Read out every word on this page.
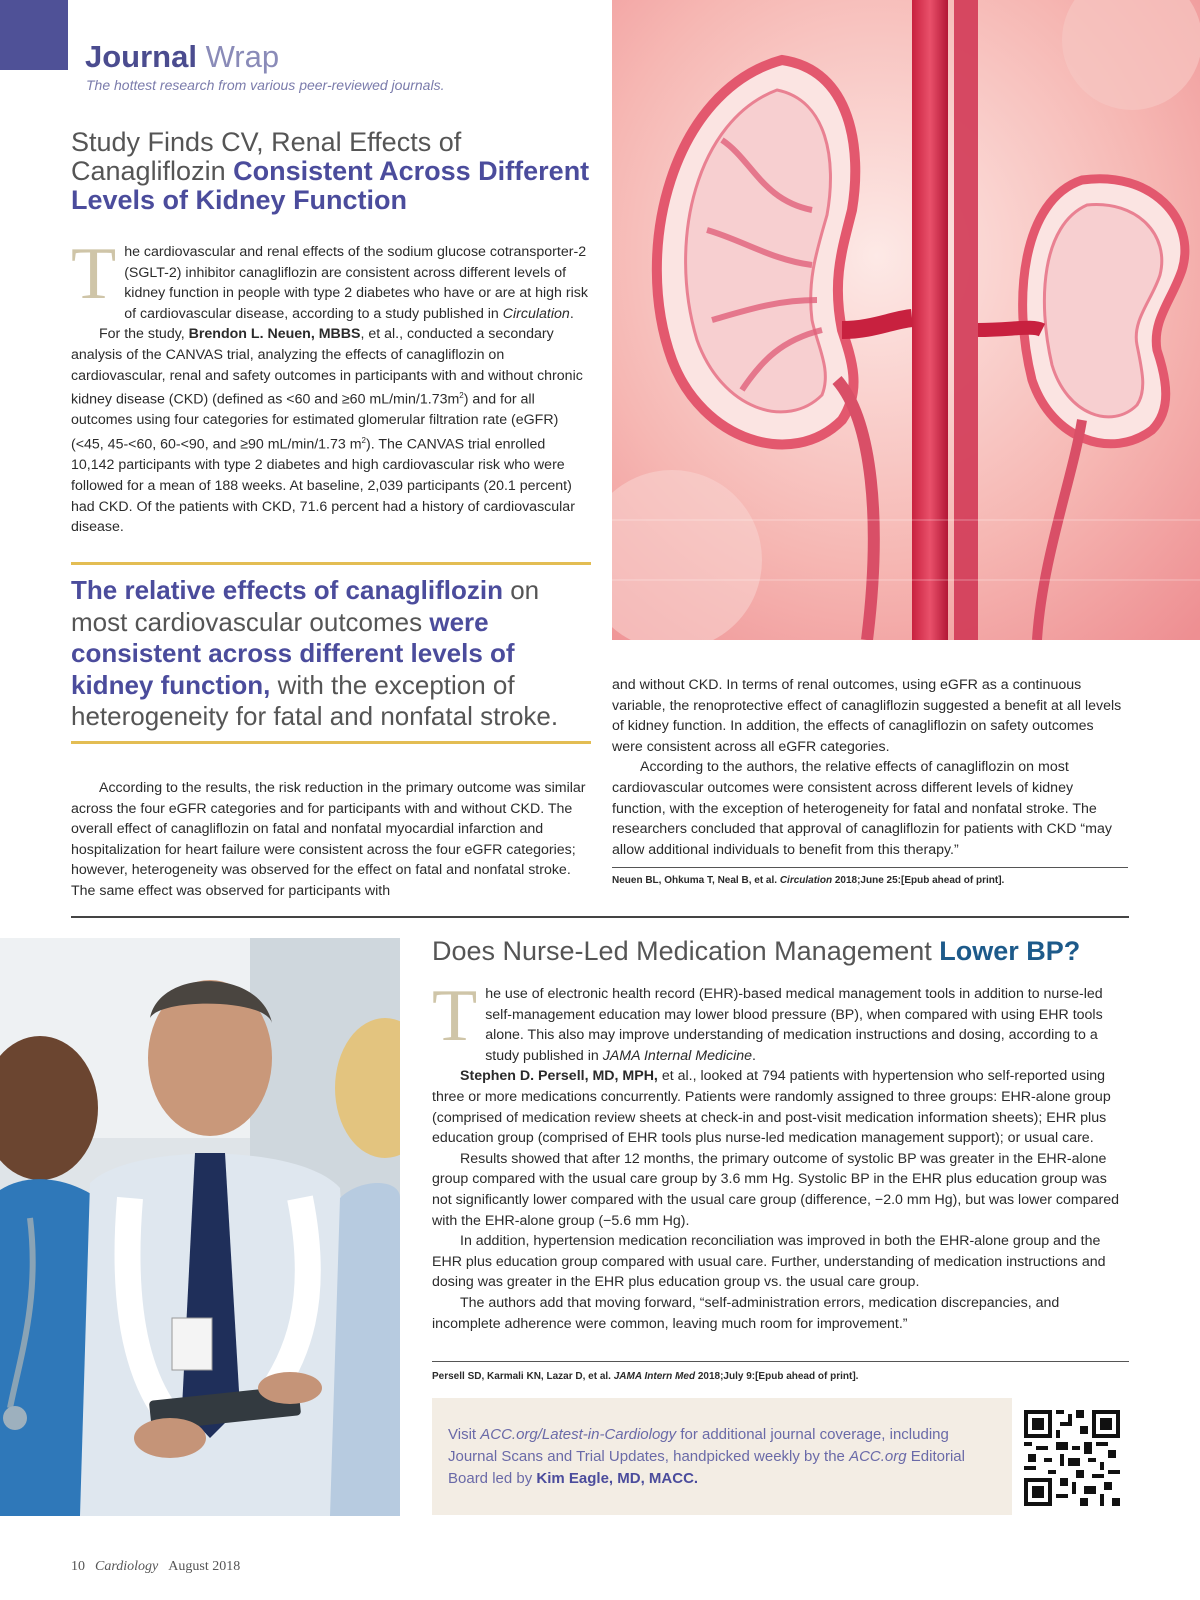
Journal Wrap
The hottest research from various peer-reviewed journals.
Study Finds CV, Renal Effects of Canagliflozin Consistent Across Different Levels of Kidney Function

The cardiovascular and renal effects of the sodium glucose cotransporter-2 (SGLT-2) inhibitor canagliflozin are consistent across different levels of kidney function in people with type 2 diabetes who have or are at high risk of cardiovascular disease, according to a study published in Circulation.

For the study, Brendon L. Neuen, MBBS, et al., conducted a secondary analysis of the CANVAS trial, analyzing the effects of canagliflozin on cardiovascular, renal and safety outcomes in participants with and without chronic kidney disease (CKD) (defined as <60 and ≥60 $mL/\min/1.73m^2$) and for all outcomes using four categories for estimated glomerular filtration rate (eGFR) (<45, 45-<60, 60-<90, and ≥90 mL/min/1.73 $m^2$). The CANVAS trial enrolled 10,142 participants with type 2 diabetes and high cardiovascular risk who were followed for a mean of 188 weeks. At baseline, 2,039 participants (20.1 percent) had CKD. Of the patients with CKD, 71.6 percent had a history of cardiovascular disease.

The relative effects of canagliflozin on most cardiovascular outcomes were consistent across different levels of kidney function, with the exception of heterogeneity for fatal and nonfatal stroke.

According to the results, the risk reduction in the primary outcome was similar across the four eGFR categories and for participants with and without CKD. The overall effect of canagliflozin on fatal and nonfatal myocardial infarction and hospitalization for heart failure were consistent across the four eGFR categories; however, heterogeneity was observed for the effect on fatal and nonfatal stroke. The same effect was observed for participants with

and without CKD. In terms of renal outcomes, using eGFR as a continuous variable, the renoprotective effect of canagliflozin suggested a benefit at all levels of kidney function. In addition, the effects of canagliflozin on safety outcomes were consistent across all eGFR categories.

According to the authors, the relative effects of canagliflozin on most cardiovascular outcomes were consistent across different levels of kidney function, with the exception of heterogeneity for fatal and nonfatal stroke. The researchers concluded that approval of canagliflozin for patients with CKD “may allow additional individuals to benefit from this therapy.”

Neuen BL, Ohkuma T, Neal B, et al. Circulation 2018;June 25:[Epub ahead of print].
Does Nurse-Led Medication Management Lower BP?

The use of electronic health record (EHR)-based medical management tools in addition to nurse-led self-management education may lower blood pressure (BP), when compared with using EHR tools alone. This also may improve understanding of medication instructions and dosing, according to a study published in JAMA Internal Medicine.

Stephen D. Persell, MD, MPH, et al., looked at 794 patients with hypertension who self-reported using three or more medications concurrently. Patients were randomly assigned to three groups: EHR-alone group (comprised of medication review sheets at check-in and post-visit medication information sheets); EHR plus education group (comprised of EHR tools plus nurse-led medication management support); or usual care.

Results showed that after 12 months, the primary outcome of systolic BP was greater in the EHR-alone group compared with the usual care group by 3.6 mm Hg. Systolic BP in the EHR plus education group was not significantly lower compared with the usual care group (difference, −2.0 mm Hg), but was lower compared with the EHR-alone group (−5.6 mm Hg).

In addition, hypertension medication reconciliation was improved in both the EHR-alone group and the EHR plus education group compared with usual care. Further, understanding of medication instructions and dosing was greater in the EHR plus education group vs. the usual care group.

The authors add that moving forward, “self-administration errors, medication discrepancies, and incomplete adherence were common, leaving much room for improvement.”

Persell SD, Karmali KN, Lazar D, et al. JAMA Intern Med 2018;July 9:[Epub ahead of print].
Visit ACC.org/Latest-in-Cardiology for additional journal coverage, including Journal Scans and Trial Updates, handpicked weekly by the ACC.org Editorial Board led by Kim Eagle, MD, MACC.
10 Cardiology August 2018
